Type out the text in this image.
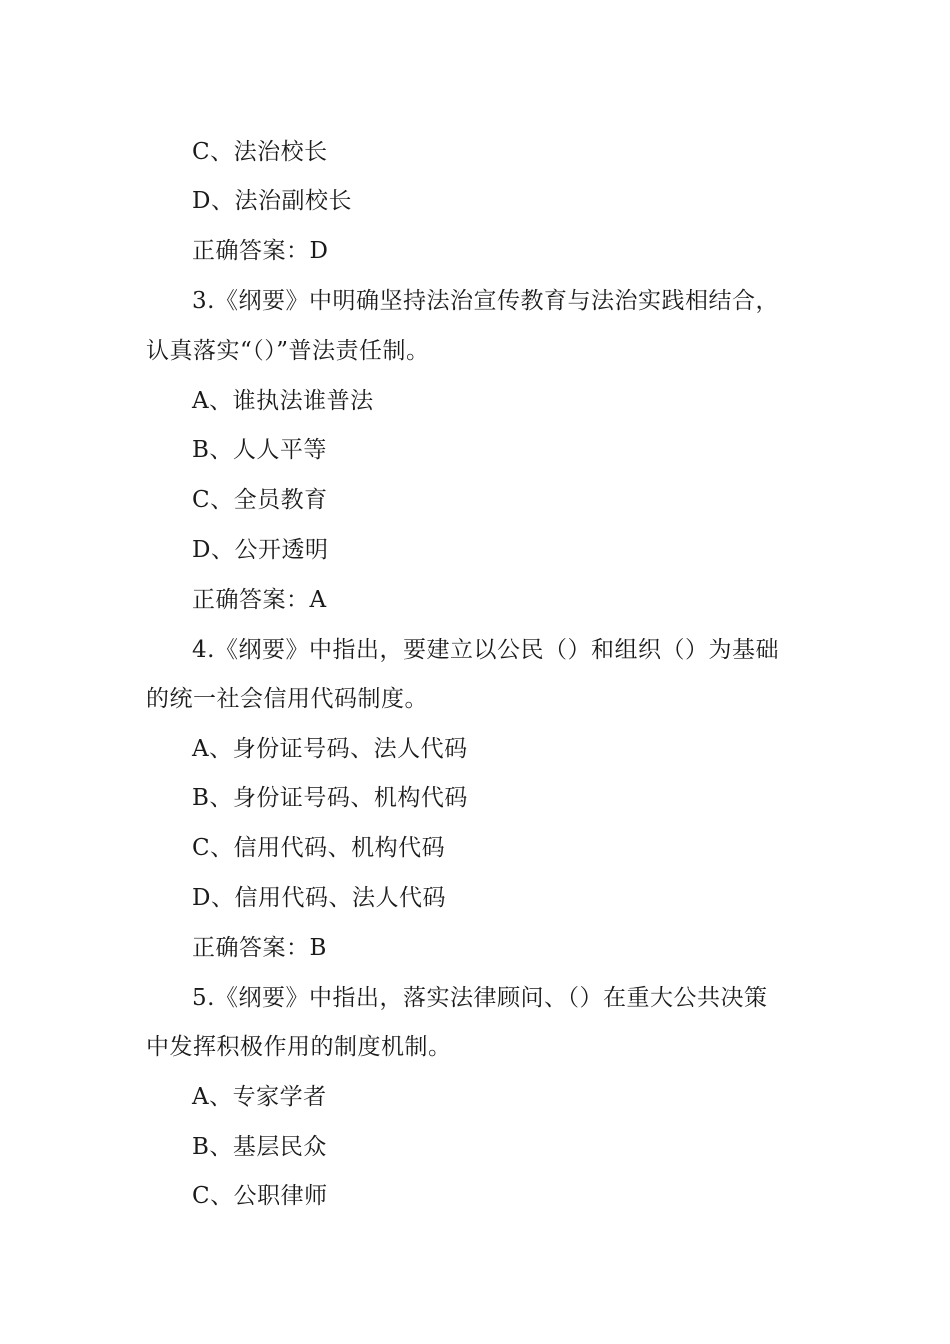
C、法治校长
D、法治副校长
正确答案：D
3.《纲要》中明确坚持法治宣传教育与法治实践相结合，
认真落实“（）”普法责任制。
A、谁执法谁普法
B、人人平等
C、全员教育
D、公开透明
正确答案：A
4.《纲要》中指出，要建立以公民（）和组织（）为基础
的统一社会信用代码制度。
A、身份证号码、法人代码
B、身份证号码、机构代码
C、信用代码、机构代码
D、信用代码、法人代码
正确答案：B
5.《纲要》中指出，落实法律顾问、（）在重大公共决策
中发挥积极作用的制度机制。
A、专家学者
B、基层民众
C、公职律师
